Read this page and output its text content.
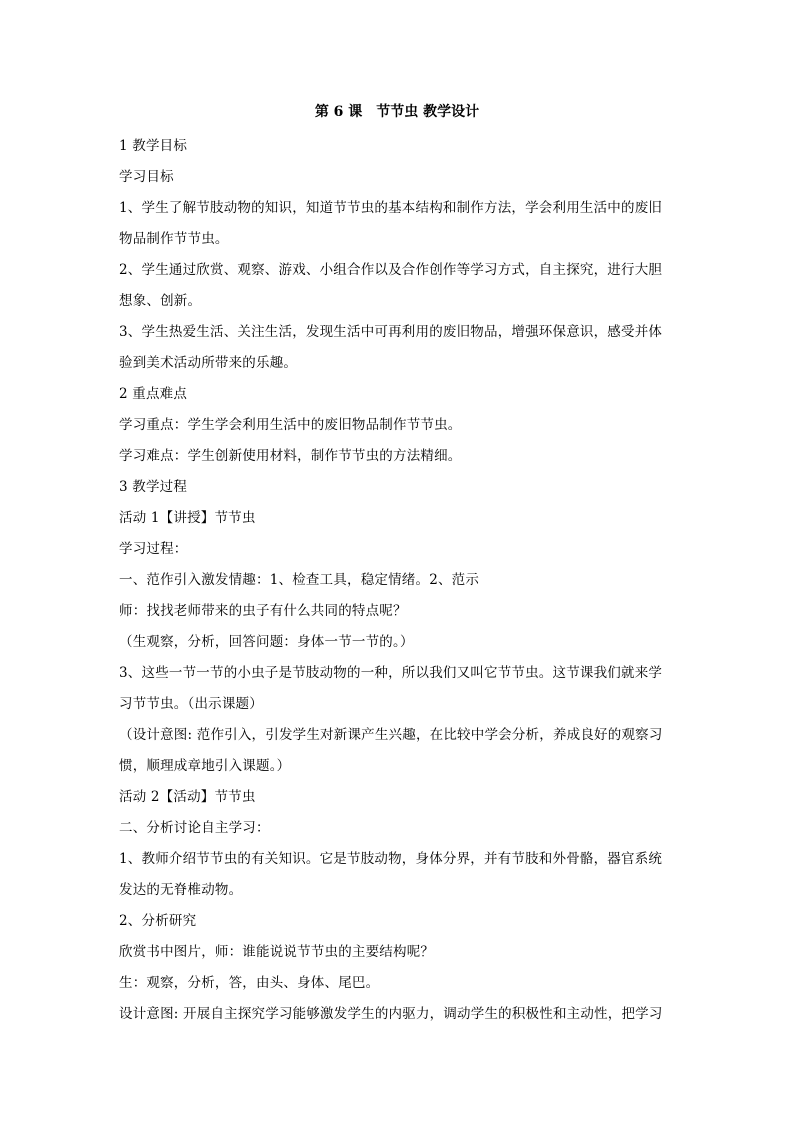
第 6 课　节节虫 教学设计

1 教学目标

学习目标

1、学生了解节肢动物的知识，知道节节虫的基本结构和制作方法，学会利用生活中的废旧

物品制作节节虫。

2、学生通过欣赏、观察、游戏、小组合作以及合作创作等学习方式，自主探究，进行大胆

想象、创新。

3、学生热爱生活、关注生活，发现生活中可再利用的废旧物品，增强环保意识，感受并体

验到美术活动所带来的乐趣。

2 重点难点

学习重点：学生学会利用生活中的废旧物品制作节节虫。

学习难点：学生创新使用材料，制作节节虫的方法精细。

3 教学过程

活动 1【讲授】节节虫

学习过程：

一、范作引入激发情趣：1、检查工具，稳定情绪。2、范示

师：找找老师带来的虫子有什么共同的特点呢？

（生观察，分析，回答问题：身体一节一节的。）

3、这些一节一节的小虫子是节肢动物的一种，所以我们又叫它节节虫。这节课我们就来学

习节节虫。（出示课题）

（设计意图: 范作引入，引发学生对新课产生兴趣，在比较中学会分析，养成良好的观察习

惯，顺理成章地引入课题。）

活动 2【活动】节节虫

二、分析讨论自主学习：

1、教师介绍节节虫的有关知识。它是节肢动物，身体分界，并有节肢和外骨骼，器官系统

发达的无脊椎动物。

2、分析研究

欣赏书中图片，师：谁能说说节节虫的主要结构呢？

生：观察，分析，答，由头、身体、尾巴。

设计意图: 开展自主探究学习能够激发学生的内驱力，调动学生的积极性和主动性，把学习
